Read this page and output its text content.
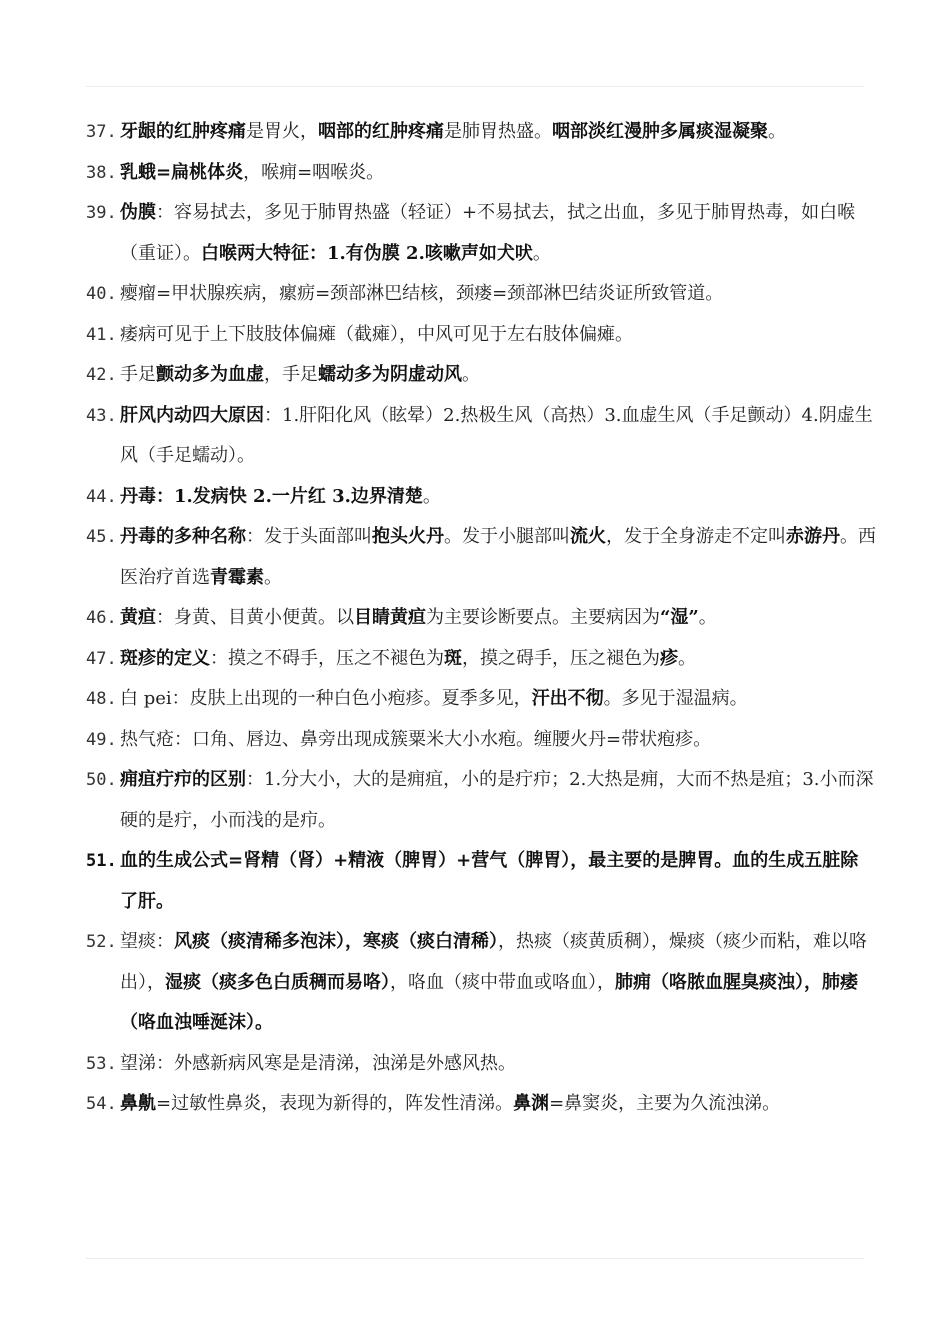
37. 牙龈的红肿疼痛是胃火，咽部的红肿疼痛是肺胃热盛。咽部淡红漫肿多属痰湿凝聚。
38. 乳蛾=扁桃体炎，喉痈=咽喉炎。
39. 伪膜：容易拭去，多见于肺胃热盛（轻证）+不易拭去，拭之出血，多见于肺胃热毒，如白喉（重证）。白喉两大特征：1.有伪膜 2.咳嗽声如犬吠。
40. 瘿瘤=甲状腺疾病，瘰疬=颈部淋巴结核，颈瘘=颈部淋巴结炎证所致管道。
41. 痿病可见于上下肢肢体偏瘫（截瘫），中风可见于左右肢体偏瘫。
42. 手足颤动多为血虚，手足蠕动多为阴虚动风。
43. 肝风内动四大原因：1.肝阳化风（眩晕）2.热极生风（高热）3.血虚生风（手足颤动）4.阴虚生风（手足蠕动）。
44. 丹毒：1.发病快 2.一片红 3.边界清楚。
45. 丹毒的多种名称：发于头面部叫抱头火丹。发于小腿部叫流火，发于全身游走不定叫赤游丹。西医治疗首选青霉素。
46. 黄疸：身黄、目黄小便黄。以目睛黄疸为主要诊断要点。主要病因为“湿”。
47. 斑疹的定义：摸之不碍手，压之不褪色为斑，摸之碍手，压之褪色为疹。
48. 白 pei：皮肤上出现的一种白色小疱疹。夏季多见，汗出不彻。多见于湿温病。
49. 热气疮：口角、唇边、鼻旁出现成簇粟米大小水疱。缠腰火丹=带状疱疹。
50. 痈疽疔疖的区别：1.分大小，大的是痈疽，小的是疔疖；2.大热是痈，大而不热是疽；3.小而深硬的是疔，小而浅的是疖。
51. 血的生成公式=肾精（肾）+精液（脾胃）+营气（脾胃），最主要的是脾胃。血的生成五脏除了肝。
52. 望痰：风痰（痰清稀多泡沫），寒痰（痰白清稀），热痰（痰黄质稠），燥痰（痰少而粘，难以咯出），湿痰（痰多色白质稠而易咯），咯血（痰中带血或咯血），肺痈（咯脓血腥臭痰浊），肺痿（咯血浊唾涎沫）。
53. 望涕：外感新病风寒是是清涕，浊涕是外感风热。
54. 鼻鼽=过敏性鼻炎，表现为新得的，阵发性清涕。鼻渊=鼻窦炎，主要为久流浊涕。
